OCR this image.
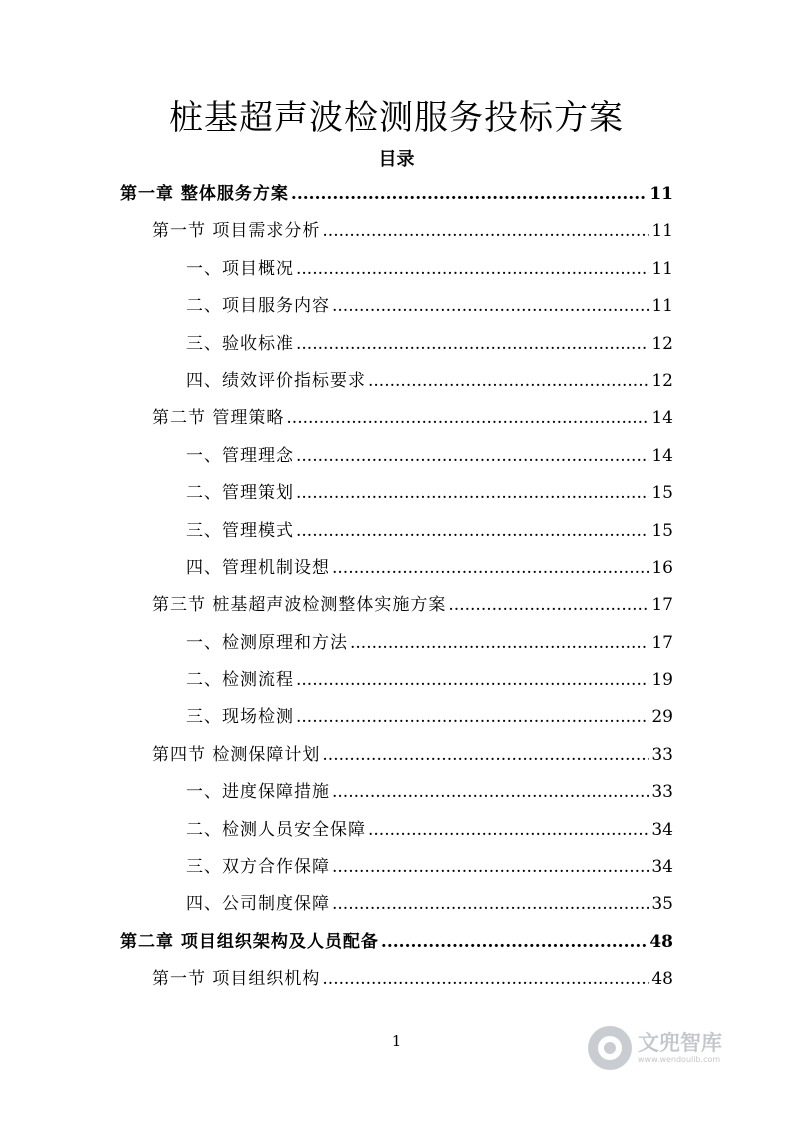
桩基超声波检测服务投标方案
目录
第一章 整体服务方案 .....	11
第一节 项目需求分析 .....	11
一、项目概况 .....	11
二、项目服务内容 .....	11
三、验收标准 .....	12
四、绩效评价指标要求 .....	12
第二节 管理策略 .....	14
一、管理理念 .....	14
二、管理策划 .....	15
三、管理模式 .....	15
四、管理机制设想 .....	16
第三节 桩基超声波检测整体实施方案 .....	17
一、检测原理和方法 .....	17
二、检测流程 .....	19
三、现场检测 .....	29
第四节 检测保障计划 .....	33
一、进度保障措施 .....	33
二、检测人员安全保障 .....	34
三、双方合作保障 .....	34
四、公司制度保障 .....	35
第二章 项目组织架构及人员配备 .....	48
第一节 项目组织机构 .....	48
1	文兜智库
www.wendoulib.com
